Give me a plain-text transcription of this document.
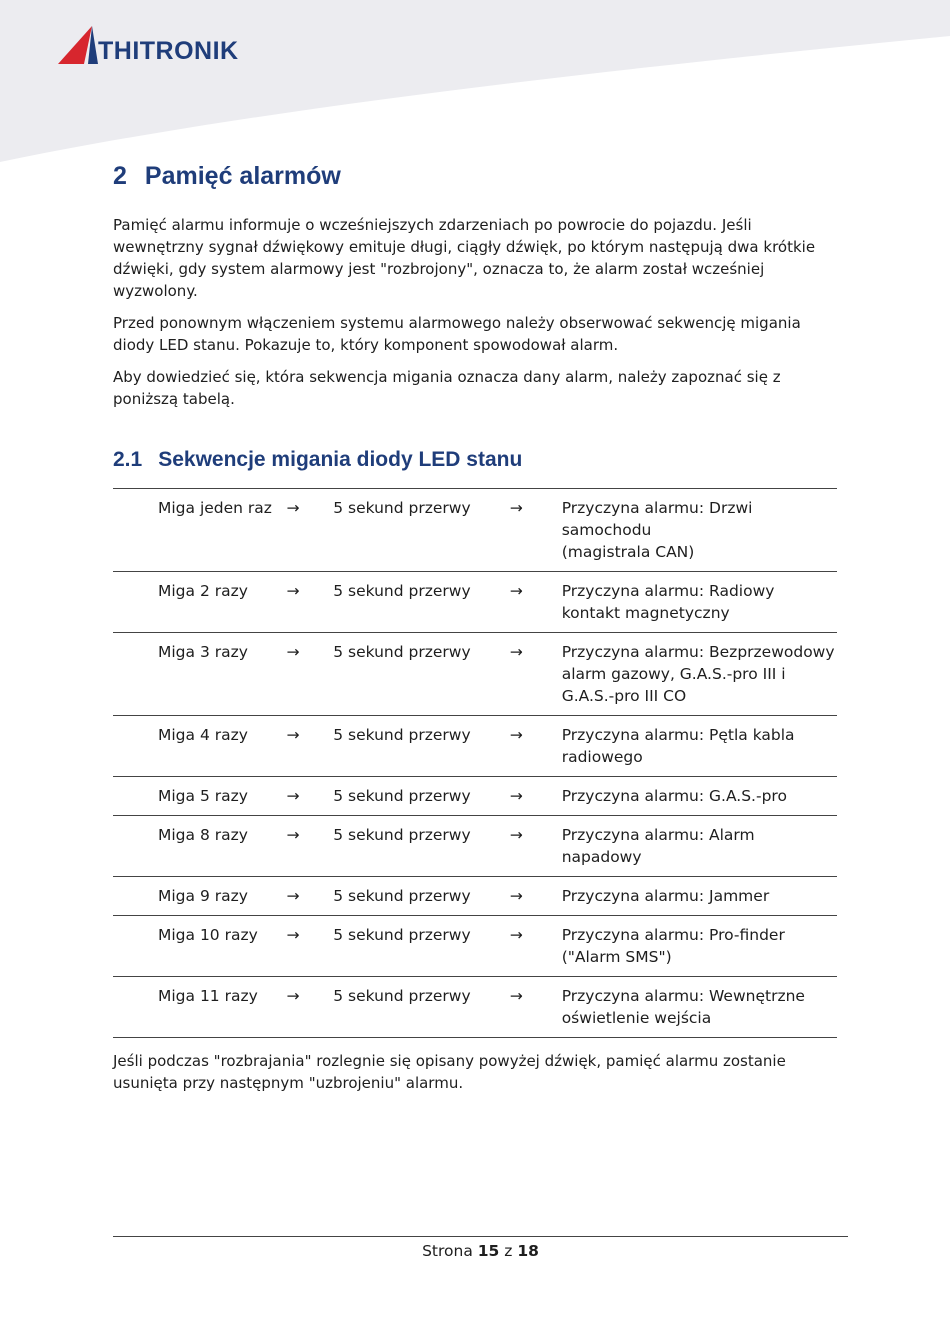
THITRONIK
2 Pamięć alarmów

Pamięć alarmu informuje o wcześniejszych zdarzeniach po powrocie do pojazdu. Jeśli wewnętrzny sygnał dźwiękowy emituje długi, ciągły dźwięk, po którym następują dwa krótkie dźwięki, gdy system alarmowy jest "rozbrojony", oznacza to, że alarm został wcześniej wyzwolony.

Przed ponownym włączeniem systemu alarmowego należy obserwować sekwencję migania diody LED stanu. Pokazuje to, który komponent spowodował alarm.

Aby dowiedzieć się, która sekwencja migania oznacza dany alarm, należy zapoznać się z poniższą tabelą.

2.1 Sekwencje migania diody LED stanu
Miga jeden raz	→	5 sekund przerwy	→	Przyczyna alarmu: Drzwi samochodu
(magistrala CAN)

Miga 2 razy	→	5 sekund przerwy	→	Przyczyna alarmu: Radiowy kontakt magnetyczny

Miga 3 razy	→	5 sekund przerwy	→	Przyczyna alarmu: Bezprzewodowy alarm gazowy, G.A.S.-pro III i G.A.S.-pro III CO

Miga 4 razy	→	5 sekund przerwy	→	Przyczyna alarmu: Pętla kabla radiowego

Miga 5 razy	→	5 sekund przerwy	→	Przyczyna alarmu: G.A.S.-pro

Miga 8 razy	→	5 sekund przerwy	→	Przyczyna alarmu: Alarm napadowy

Miga 9 razy	→	5 sekund przerwy	→	Przyczyna alarmu: Jammer

Miga 10 razy	→	5 sekund przerwy	→	Przyczyna alarmu: Pro-finder
("Alarm SMS")

Miga 11 razy	→	5 sekund przerwy	→	Przyczyna alarmu: Wewnętrzne oświetlenie wejścia

Jeśli podczas "rozbrajania" rozlegnie się opisany powyżej dźwięk, pamięć alarmu zostanie usunięta przy następnym "uzbrojeniu" alarmu.

Strona 15 z 18
